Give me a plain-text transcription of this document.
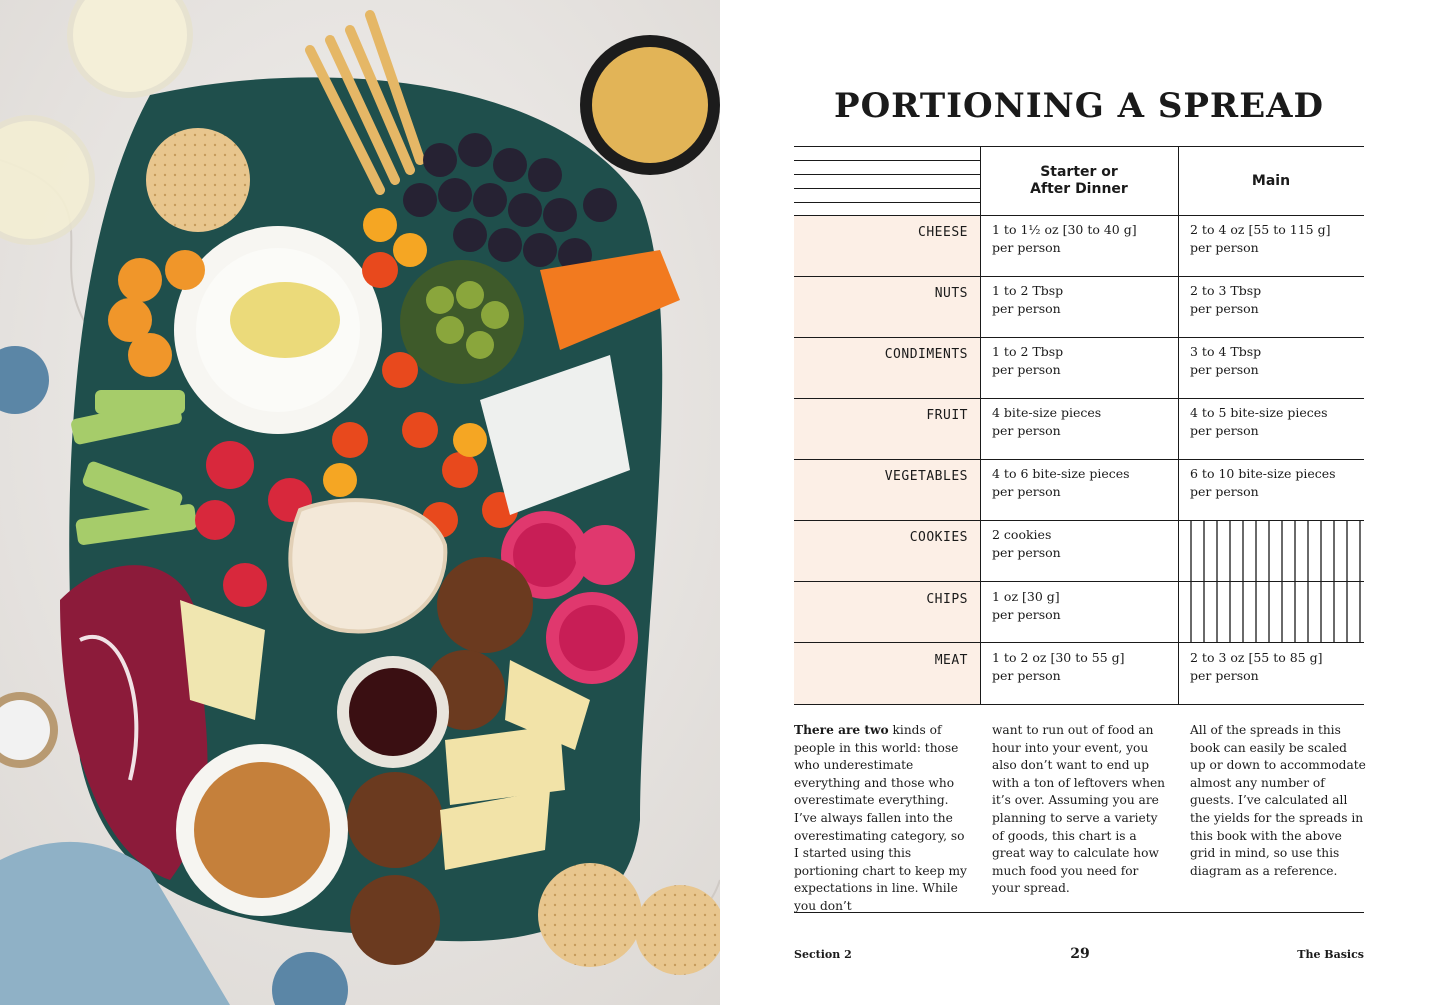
PORTIONING A SPREAD
Starter or
After Dinner	Main
CHEESE 1 to 1½ oz [30 to 40 g]
per person
2 to 4 oz [55 to 115 g]
per person
NUTS 1 to 2 Tbsp
per person
2 to 3 Tbsp
per person
CONDIMENTS 1 to 2 Tbsp
per person
3 to 4 Tbsp
per person
FRUIT 4 bite-size pieces
per person
4 to 5 bite-size pieces
per person
VEGETABLES 4 to 6 bite-size pieces
per person
6 to 10 bite-size pieces
per person
COOKIES 2 cookies
per person
CHIPS 1 oz [30 g]
per person
MEAT 1 to 2 oz [30 to 55 g]
per person
2 to 3 oz [55 to 85 g]
per person
There are two kinds of people in this world: those who underestimate everything and those who overestimate everything. I’ve always fallen into the overestimating category, so I started using this portioning chart to keep my expectations in line. While you don’t
want to run out of food an hour into your event, you also don’t want to end up with a ton of leftovers when it’s over. Assuming you are planning to serve a variety of goods, this chart is a great way to calculate how much food you need for your spread.
All of the spreads in this book can easily be scaled up or down to accommodate almost any number of guests. I’ve calculated all the yields for the spreads in this book with the above grid in mind, so use this diagram as a reference.
Section 2	29	The Basics
